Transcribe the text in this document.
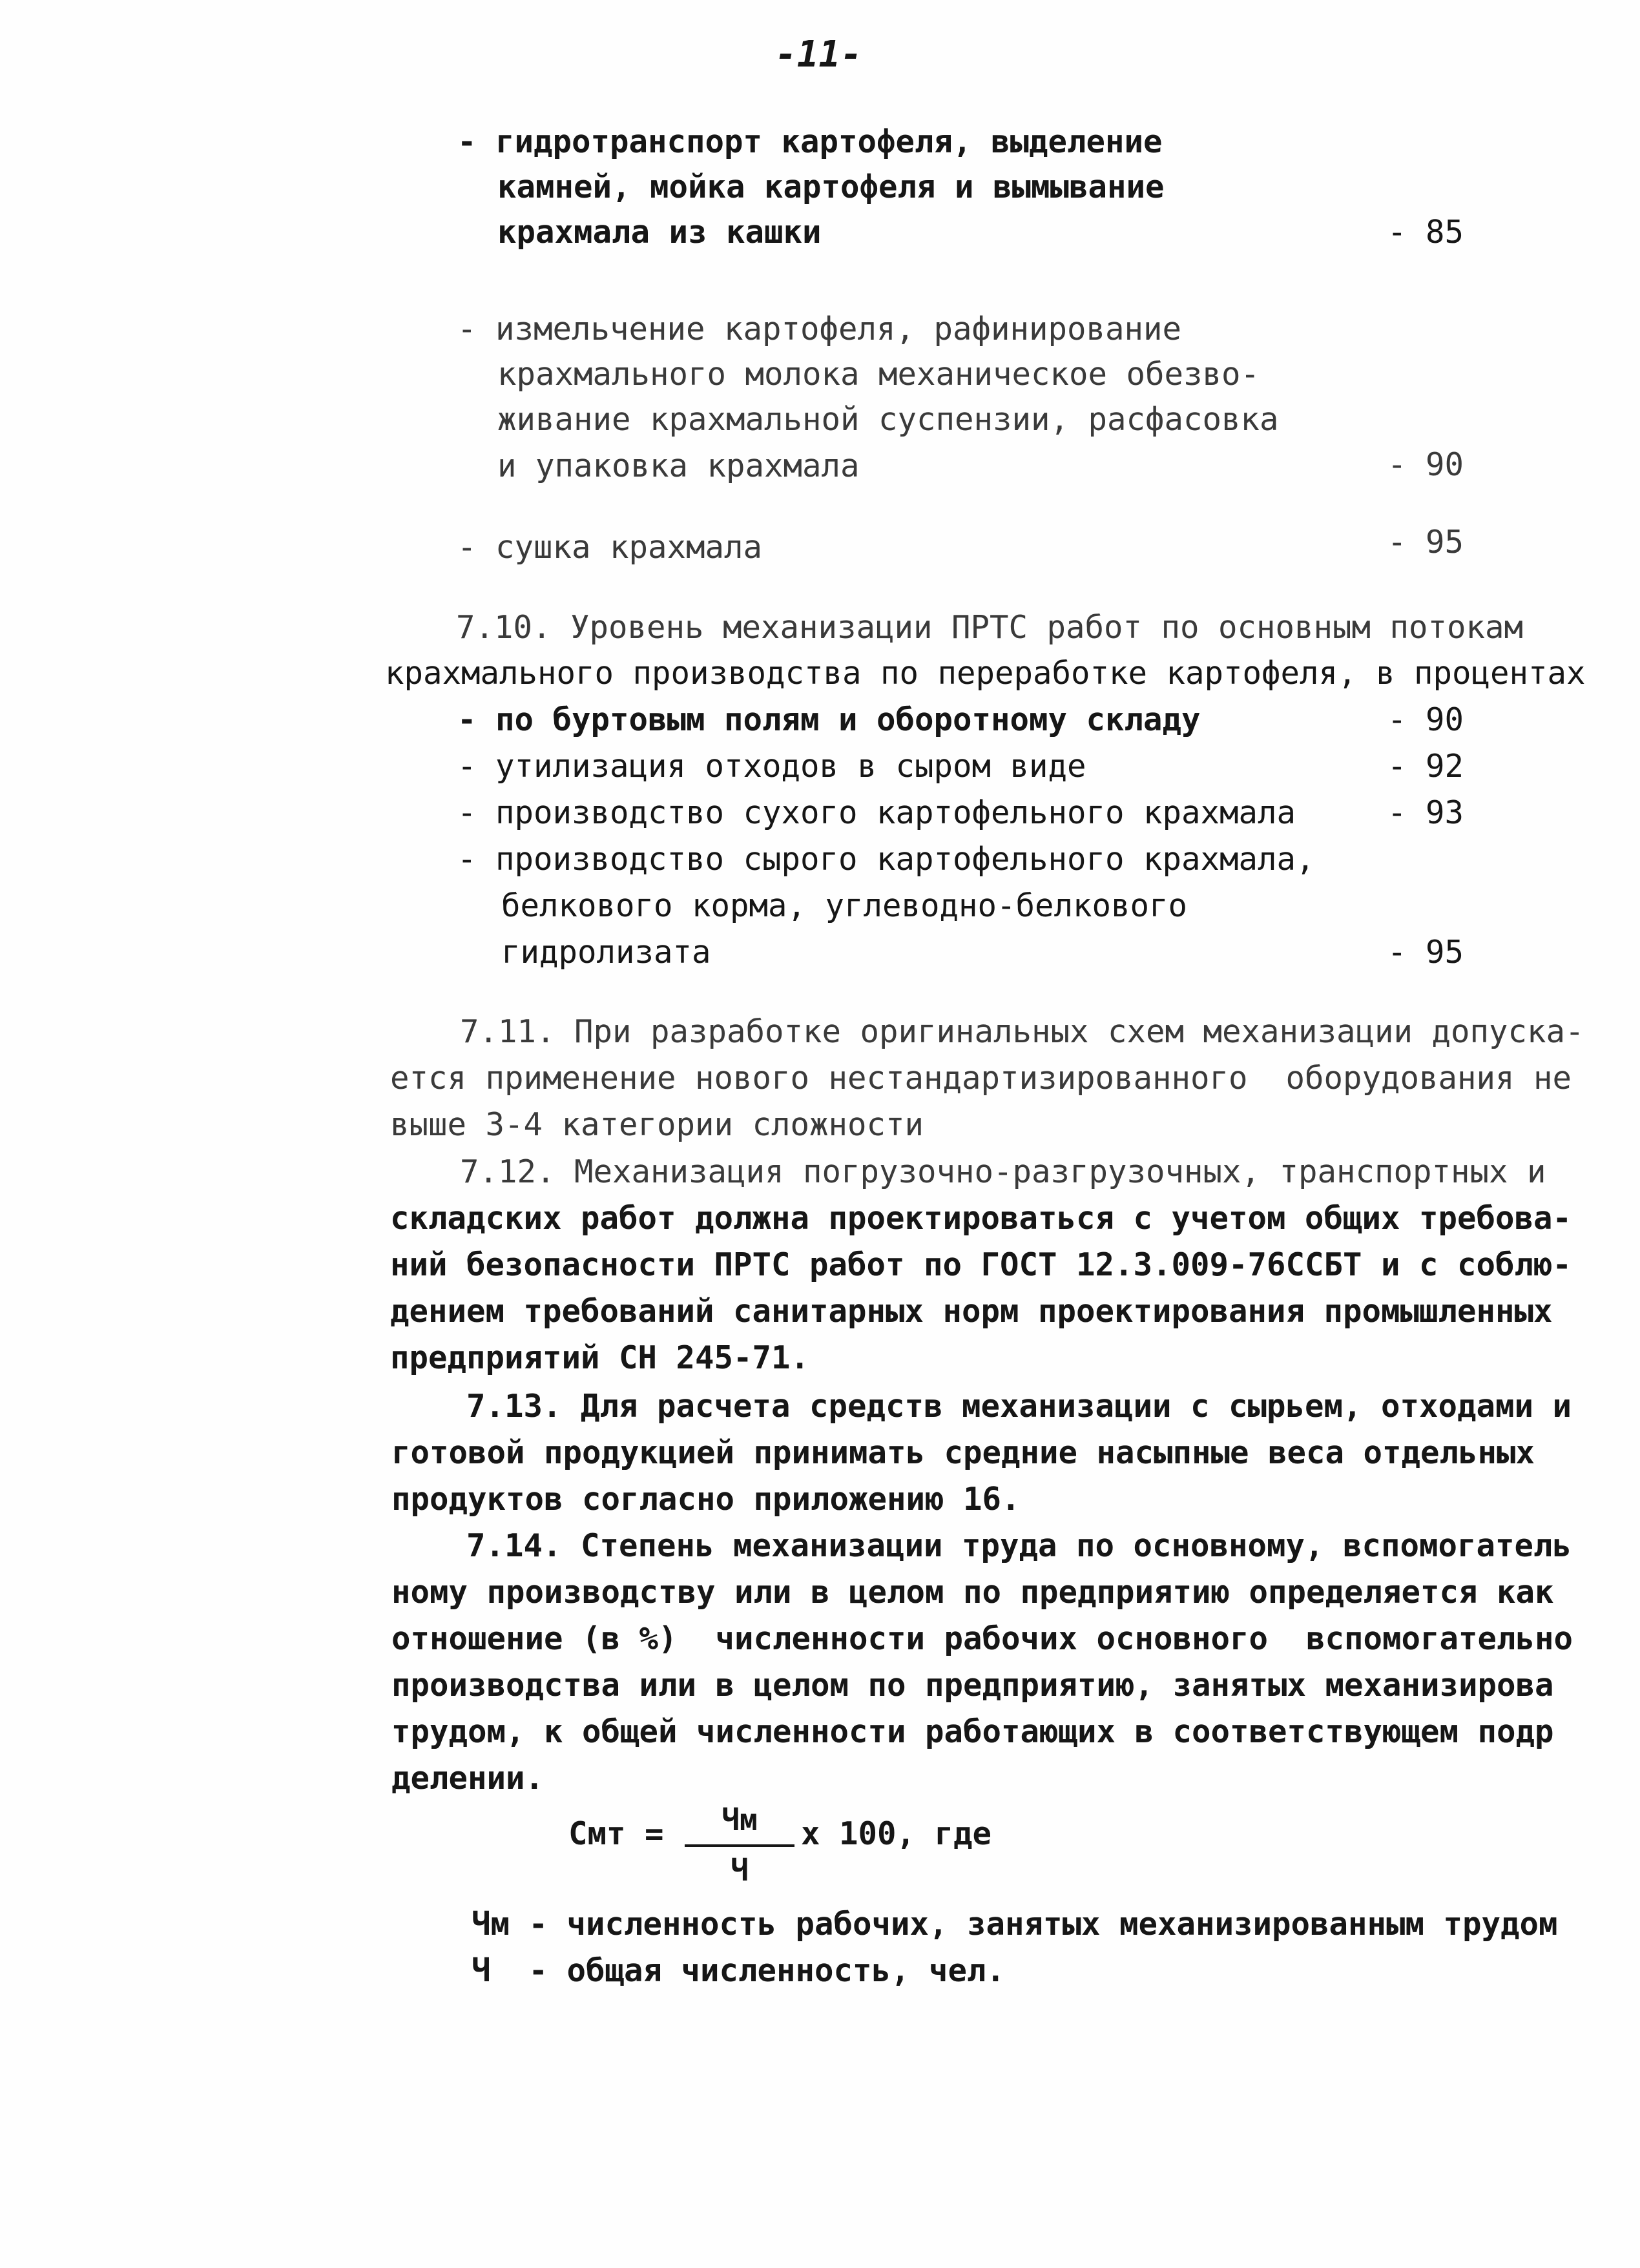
-11-
- гидротранспорт картофеля, выделение
камней, мойка картофеля и вымывание
крахмала из кашки	- 85
- измельчение картофеля, рафинирование
крахмального молока механическое обезво-
живание крахмальной суспензии, расфасовка
и упаковка крахмала	- 90
- сушка крахмала	- 95
7.10. Уровень механизации ПРТС работ по основным потокам
крахмального производства по переработке картофеля, в процентах
- по буртовым полям и оборотному складу	- 90
- утилизация отходов в сыром виде	- 92
- производство сухого картофельного крахмала	- 93
- производство сырого картофельного крахмала,
белкового корма, углеводно-белкового
гидролизата	- 95
7.11. При разработке оригинальных схем механизации допуска-
ется применение нового нестандартизированного  оборудования не
выше 3-4 категории сложности
7.12. Механизация погрузочно-разгрузочных, транспортных и
складских работ должна проектироваться с учетом общих требова-
ний безопасности ПРТС работ по ГОСТ 12.3.009-76ССБТ и с соблю-
дением требований санитарных норм проектирования промышленных
предприятий СН 245-71.
7.13. Для расчета средств механизации с сырьем, отходами и
готовой продукцией принимать средние насыпные веса отдельных
продуктов согласно приложению 16.
7.14. Степень механизации труда по основному, вспомогатель
ному производству или в целом по предприятию определяется как
отношение (в %)  численности рабочих основного  вспомогательно
производства или в целом по предприятию, занятых механизирова
трудом, к общей численности работающих в соответствующем подр
делении.
Смт =	Чм
Ч
х 100, где
Чм - численность рабочих, занятых механизированным трудом
Ч  - общая численность, чел.
